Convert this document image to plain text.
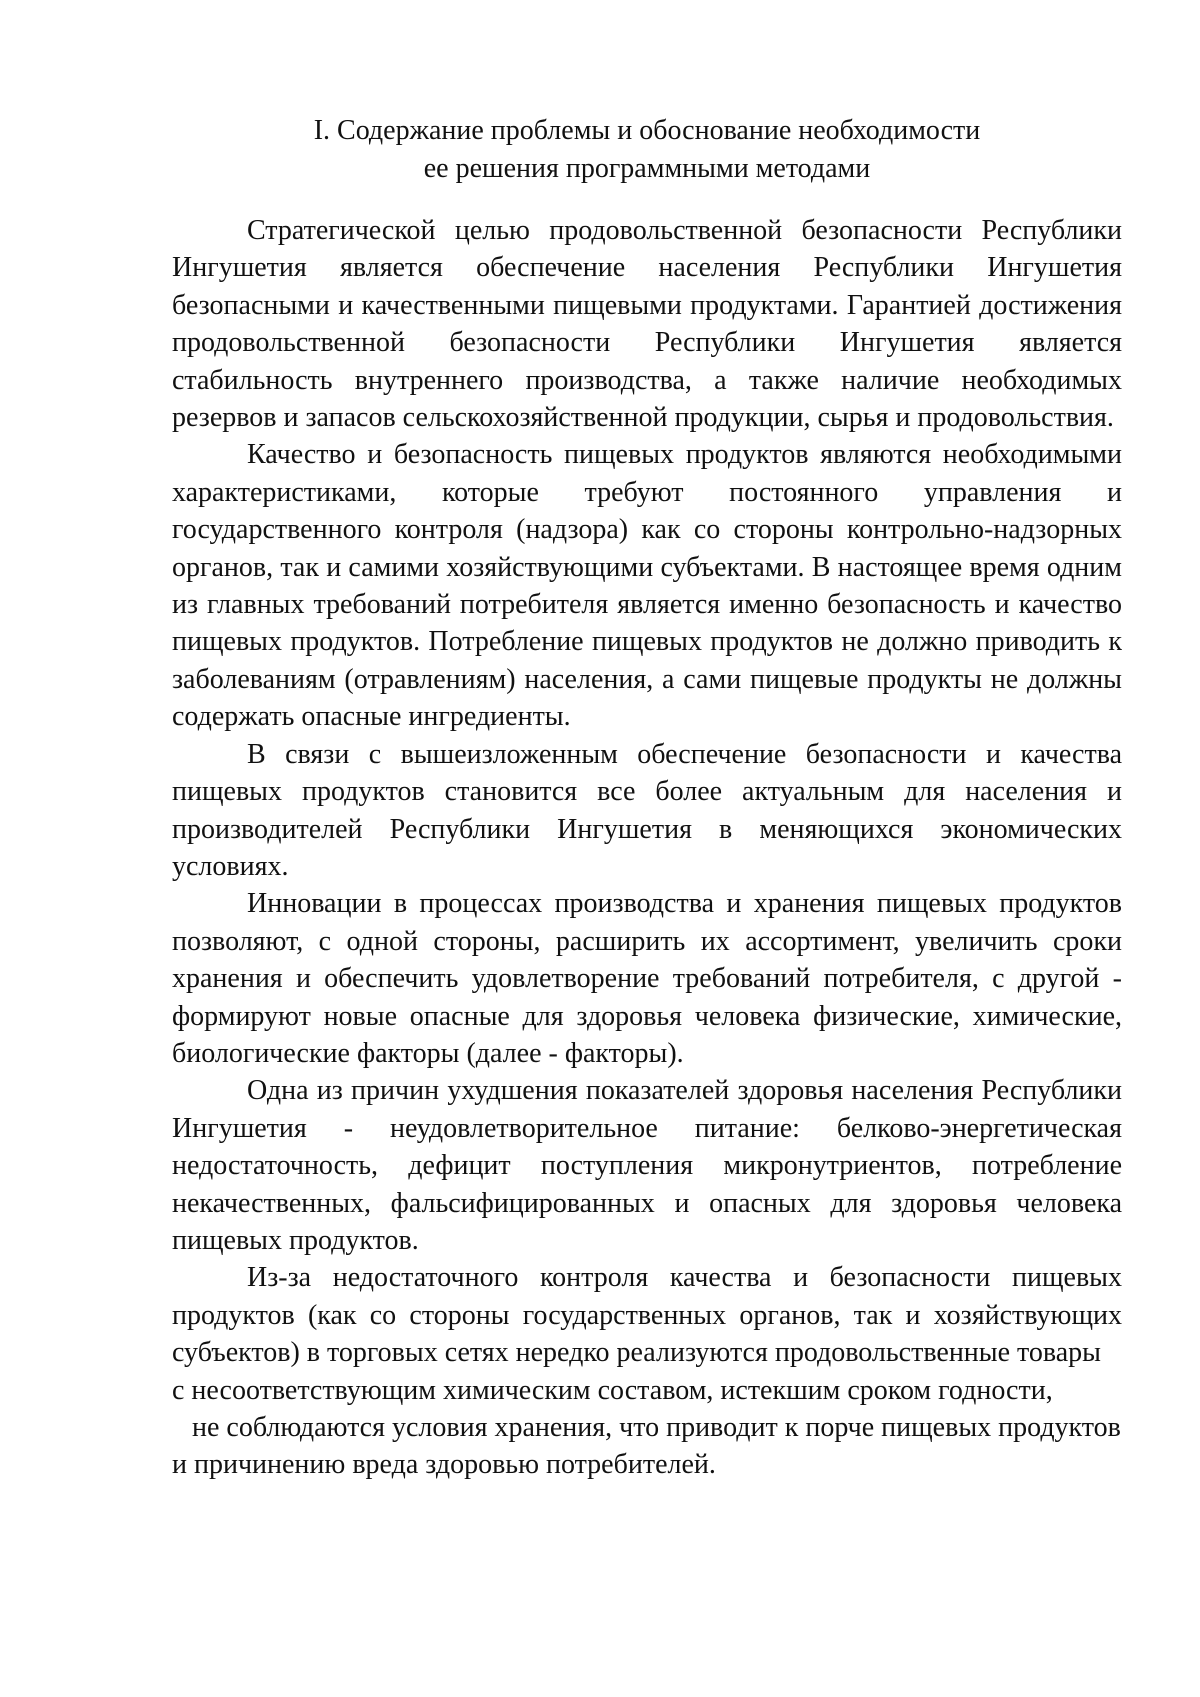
I. Содержание проблемы и обоснование необходимости
ее решения программными методами

Стратегической целью продовольственной безопасности Республики Ингушетия является обеспечение населения Республики Ингушетия безопасными и качественными пищевыми продуктами. Гарантией достижения продовольственной безопасности Республики Ингушетия является стабильность внутреннего производства, а также наличие необходимых резервов и запасов сельскохозяйственной продукции, сырья и продовольствия.

Качество и безопасность пищевых продуктов являются необходимыми характеристиками, которые требуют постоянного управления и государственного контроля (надзора) как со стороны контрольно-надзорных органов, так и самими хозяйствующими субъектами. В настоящее время одним из главных требований потребителя является именно безопасность и качество пищевых продуктов. Потребление пищевых продуктов не должно приводить к заболеваниям (отравлениям) населения, а сами пищевые продукты не должны содержать опасные ингредиенты.

В связи с вышеизложенным обеспечение безопасности и качества пищевых продуктов становится все более актуальным для населения и производителей Республики Ингушетия в меняющихся экономических условиях.

Инновации в процессах производства и хранения пищевых продуктов позволяют, с одной стороны, расширить их ассортимент, увеличить сроки хранения и обеспечить удовлетворение требований потребителя, с другой - формируют новые опасные для здоровья человека физические, химические, биологические факторы (далее - факторы).

Одна из причин ухудшения показателей здоровья населения Республики Ингушетия - неудовлетворительное питание: белково-энергетическая недостаточность, дефицит поступления микронутриентов, потребление некачественных, фальсифицированных и опасных для здоровья человека пищевых продуктов.

Из-за недостаточного контроля качества и безопасности пищевых продуктов (как со стороны государственных органов, так и хозяйствующих субъектов) в торговых сетях нередко реализуются продовольственные товары

с несоответствующим химическим составом, истекшим сроком годности,

не соблюдаются условия хранения, что приводит к порче пищевых продуктов

и причинению вреда здоровью потребителей.
